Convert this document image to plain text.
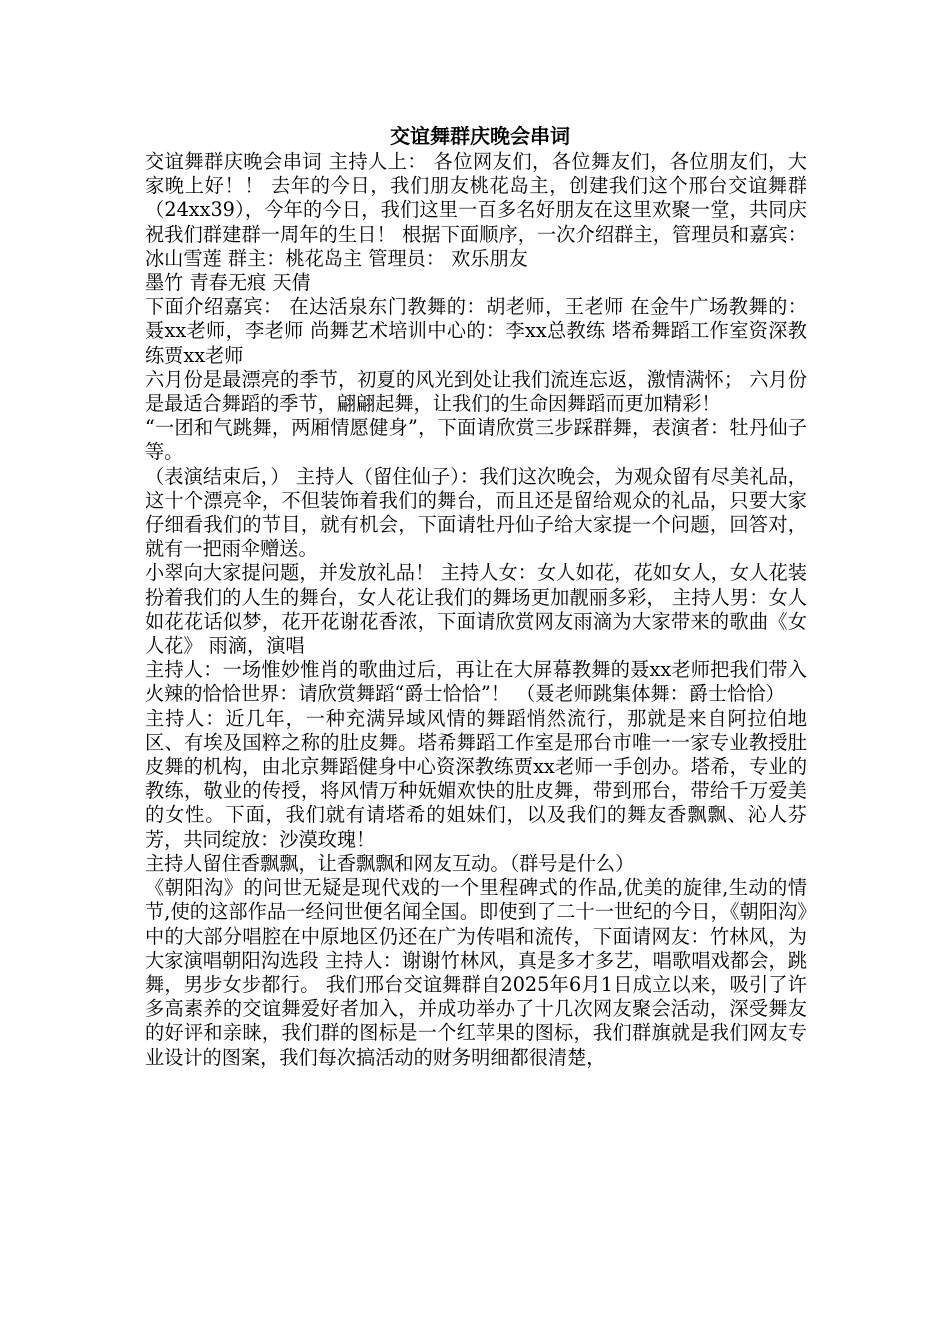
交谊舞群庆晚会串词

交谊舞群庆晚会串词 主持人上： 各位网友们，各位舞友们，各位朋友们，大家晚上好！！ 去年的今日，我们朋友桃花岛主，创建我们这个邢台交谊舞群（24xx39），今年的今日，我们这里一百多名好朋友在这里欢聚一堂，共同庆祝我们群建群一周年的生日！ 根据下面顺序，一次介绍群主，管理员和嘉宾： 冰山雪莲 群主：桃花岛主 管理员： 欢乐朋友

墨竹 青春无痕 天倩

下面介绍嘉宾： 在达活泉东门教舞的：胡老师，王老师 在金牛广场教舞的：聂xx老师，李老师 尚舞艺术培训中心的：李xx总教练 塔希舞蹈工作室资深教练贾xx老师

六月份是最漂亮的季节，初夏的风光到处让我们流连忘返，激情满怀； 六月份是最适合舞蹈的季节，翩翩起舞，让我们的生命因舞蹈而更加精彩！

“一团和气跳舞，两厢情愿健身”，下面请欣赏三步踩群舞，表演者：牡丹仙子等。

（表演结束后，） 主持人（留住仙子）：我们这次晚会，为观众留有尽美礼品，这十个漂亮伞，不但装饰着我们的舞台，而且还是留给观众的礼品，只要大家仔细看我们的节目，就有机会，下面请牡丹仙子给大家提一个问题，回答对，就有一把雨伞赠送。

小翠向大家提问题，并发放礼品！ 主持人女：女人如花，花如女人，女人花装扮着我们的人生的舞台，女人花让我们的舞场更加靓丽多彩， 主持人男：女人如花花话似梦，花开花谢花香浓，下面请欣赏网友雨滴为大家带来的歌曲《女人花》 雨滴，演唱

主持人：一场惟妙惟肖的歌曲过后，再让在大屏幕教舞的聂xx老师把我们带入火辣的恰恰世界：请欣赏舞蹈“爵士恰恰”！ （聂老师跳集体舞：爵士恰恰）

主持人：近几年，一种充满异域风情的舞蹈悄然流行，那就是来自阿拉伯地区、有埃及国粹之称的肚皮舞。塔希舞蹈工作室是邢台市唯一一家专业教授肚皮舞的机构，由北京舞蹈健身中心资深教练贾xx老师一手创办。塔希，专业的教练，敬业的传授，将风情万种妩媚欢快的肚皮舞，带到邢台，带给千万爱美的女性。下面，我们就有请塔希的姐妹们，以及我们的舞友香飘飘、沁人芬芳，共同绽放：沙漠玫瑰！

主持人留住香飘飘，让香飘飘和网友互动。（群号是什么）

《朝阳沟》的问世无疑是现代戏的一个里程碑式的作品,优美的旋律,生动的情节,使的这部作品一经问世便名闻全国。即使到了二十一世纪的今日，《朝阳沟》中的大部分唱腔在中原地区仍还在广为传唱和流传，下面请网友：竹林风，为大家演唱朝阳沟选段 主持人：谢谢竹林风，真是多才多艺，唱歌唱戏都会，跳舞，男步女步都行。 我们邢台交谊舞群自2025年6月1日成立以来，吸引了许多高素养的交谊舞爱好者加入，并成功举办了十几次网友聚会活动，深受舞友的好评和亲睐，我们群的图标是一个红苹果的图标，我们群旗就是我们网友专业设计的图案，我们每次搞活动的财务明细都很清楚，
